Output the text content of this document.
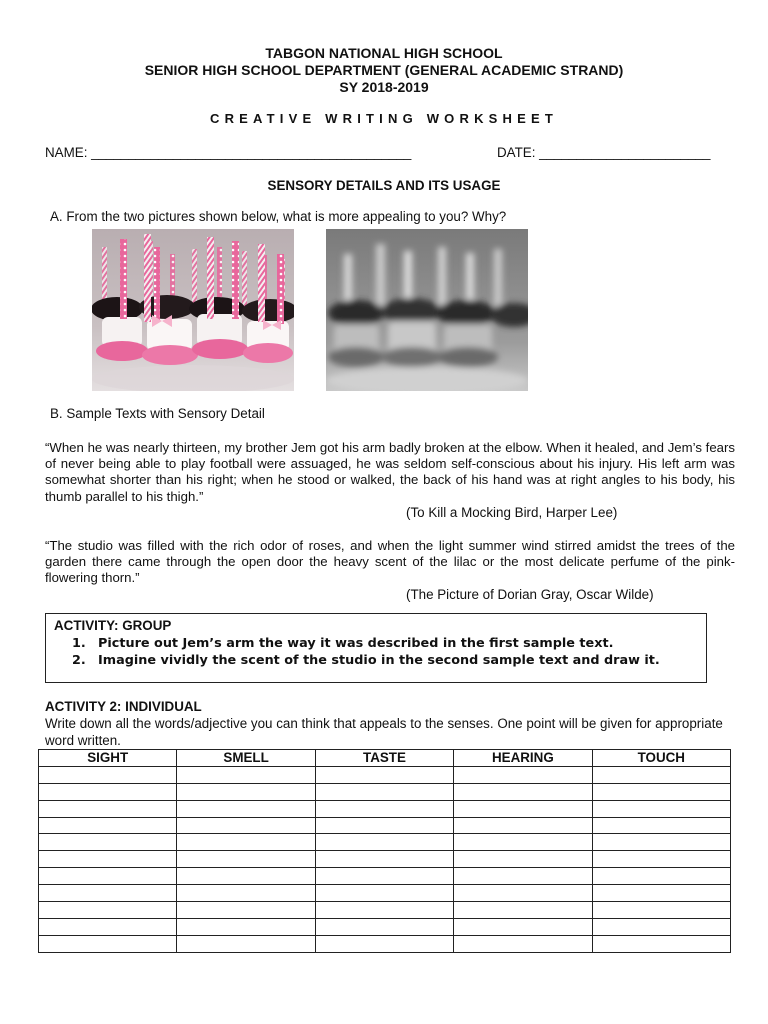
TABGON NATIONAL HIGH SCHOOL
SENIOR HIGH SCHOOL DEPARTMENT (GENERAL ACADEMIC STRAND)
SY 2018-2019
CREATIVE WRITING WORKSHEET
NAME: ___________________________________________	DATE: _______________________
SENSORY DETAILS AND ITS USAGE
A. From the two pictures shown below, what is more appealing to you? Why?
B. Sample Texts with Sensory Detail
“When he was nearly thirteen, my brother Jem got his arm badly broken at the elbow. When it healed, and Jem’s fears of never being able to play football were assuaged, he was seldom self-conscious about his injury. His left arm was somewhat shorter than his right; when he stood or walked, the back of his hand was at right angles to his body, his thumb parallel to his thigh.”
(To Kill a Mocking Bird, Harper Lee)
“The studio was filled with the rich odor of roses, and when the light summer wind stirred amidst the trees of the garden there came through the open door the heavy scent of the lilac or the most delicate perfume of the pink-flowering thorn.”
(The Picture of Dorian Gray, Oscar Wilde)
ACTIVITY: GROUP
1. Picture out Jem’s arm the way it was described in the first sample text.
2. Imagine vividly the scent of the studio in the second sample text and draw it.
ACTIVITY 2: INDIVIDUAL
Write down all the words/adjective you can think that appeals to the senses. One point will be given for appropriate word written.
SIGHT	SMELL	TASTE	HEARING	TOUCH
